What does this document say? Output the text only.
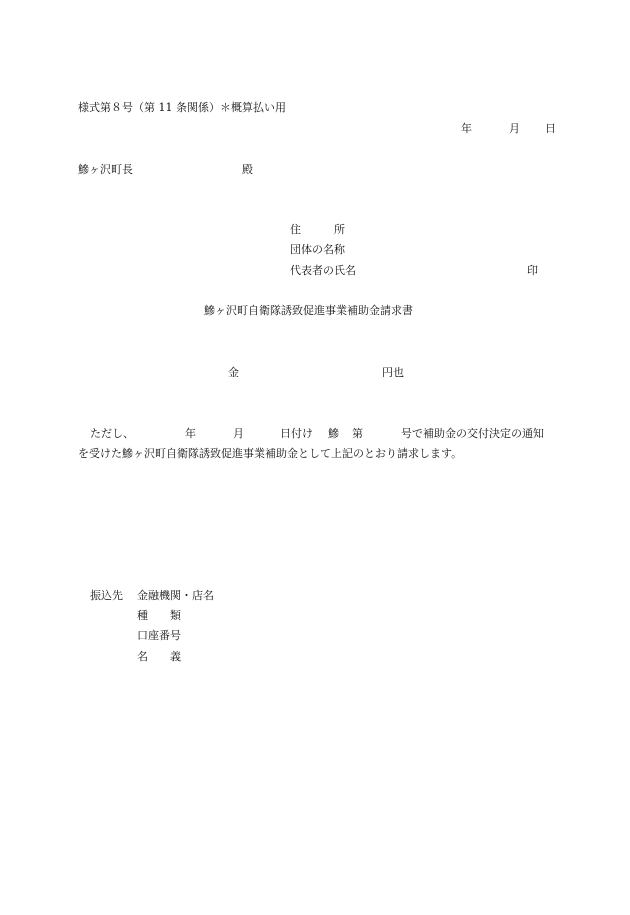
様式第８号（第 11 条関係）＊概算払い用
年	月 日
鰺ヶ沢町長	殿
住　　　所
団体の名称
代表者の氏名	印
鰺ヶ沢町自衛隊誘致促進事業補助金請求書
金	円也
ただし、	年	月	日付け 鰺 第	号で補助金の交付決定の通知
を受けた鰺ヶ沢町自衛隊誘致促進事業補助金として上記のとおり請求します。
振込先 金融機関・店名
種　　類
口座番号
名　　義
